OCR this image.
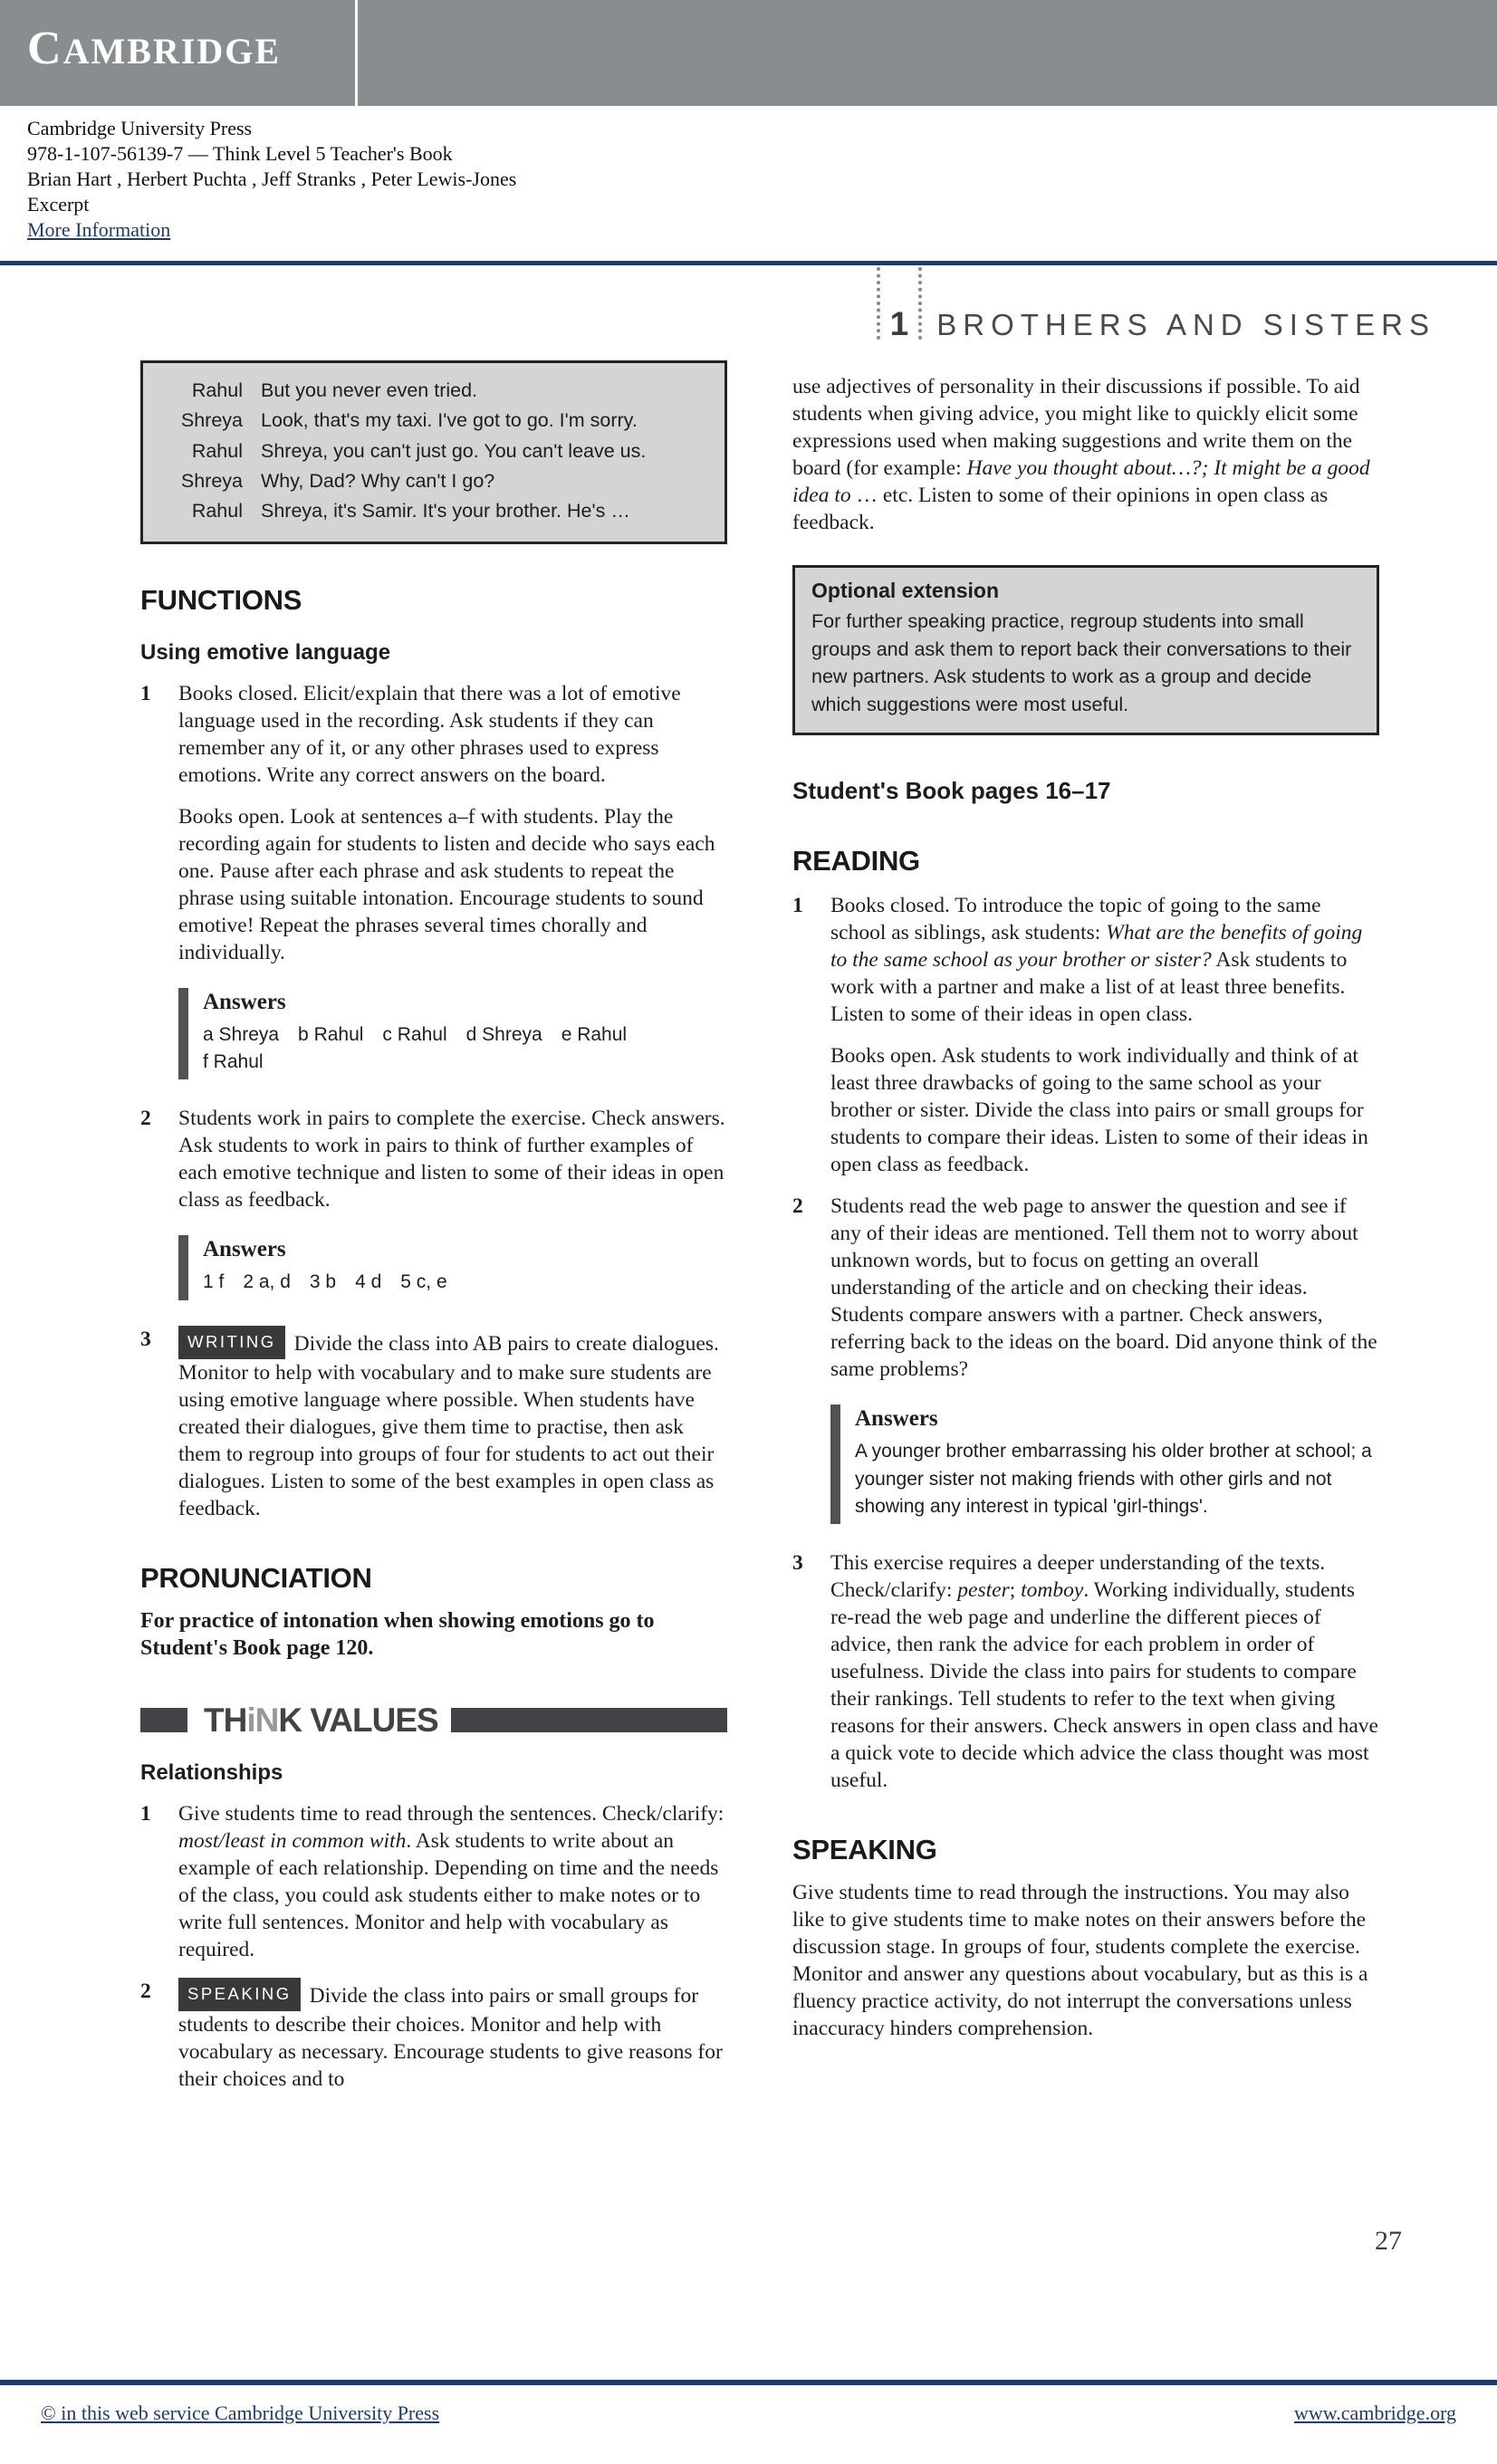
CAMBRIDGE
Cambridge University Press
978-1-107-56139-7 — Think Level 5 Teacher's Book
Brian Hart , Herbert Puchta , Jeff Stranks , Peter Lewis-Jones
Excerpt
More Information
1 BROTHERS AND SISTERS
Rahul But you never even tried.
Shreya Look, that's my taxi. I've got to go. I'm sorry.
Rahul Shreya, you can't just go. You can't leave us.
Shreya Why, Dad? Why can't I go?
Rahul Shreya, it's Samir. It's your brother. He's …
FUNCTIONS
Using emotive language
1	Books closed. Elicit/explain that there was a lot of emotive language used in the recording. Ask students if they can remember any of it, or any other phrases used to express emotions. Write any correct answers on the board.
Books open. Look at sentences a–f with students. Play the recording again for students to listen and decide who says each one. Pause after each phrase and ask students to repeat the phrase using suitable intonation. Encourage students to sound emotive! Repeat the phrases several times chorally and individually.
Answers
a Shreya b Rahul c Rahul d Shreya e Rahul
f Rahul
2	Students work in pairs to complete the exercise. Check answers. Ask students to work in pairs to think of further examples of each emotive technique and listen to some of their ideas in open class as feedback.
Answers
1 f 2 a, d 3 b 4 d 5 c, e
3	WRITING Divide the class into AB pairs to create dialogues. Monitor to help with vocabulary and to make sure students are using emotive language where possible. When students have created their dialogues, give them time to practise, then ask them to regroup into groups of four for students to act out their dialogues. Listen to some of the best examples in open class as feedback.
PRONUNCIATION
For practice of intonation when showing emotions go to Student's Book page 120.
THiNK VALUES
Relationships
1	Give students time to read through the sentences. Check/clarify: most/least in common with. Ask students to write about an example of each relationship. Depending on time and the needs of the class, you could ask students either to make notes or to write full sentences. Monitor and help with vocabulary as required.
2	SPEAKING Divide the class into pairs or small groups for students to describe their choices. Monitor and help with vocabulary as necessary. Encourage students to give reasons for their choices and to
use adjectives of personality in their discussions if possible. To aid students when giving advice, you might like to quickly elicit some expressions used when making suggestions and write them on the board (for example: Have you thought about…?; It might be a good idea to … etc. Listen to some of their opinions in open class as feedback.
Optional extension
For further speaking practice, regroup students into small groups and ask them to report back their conversations to their new partners. Ask students to work as a group and decide which suggestions were most useful.
Student's Book pages 16–17
READING
1	Books closed. To introduce the topic of going to the same school as siblings, ask students: What are the benefits of going to the same school as your brother or sister? Ask students to work with a partner and make a list of at least three benefits. Listen to some of their ideas in open class.
Books open. Ask students to work individually and think of at least three drawbacks of going to the same school as your brother or sister. Divide the class into pairs or small groups for students to compare their ideas. Listen to some of their ideas in open class as feedback.
2	Students read the web page to answer the question and see if any of their ideas are mentioned. Tell them not to worry about unknown words, but to focus on getting an overall understanding of the article and on checking their ideas. Students compare answers with a partner. Check answers, referring back to the ideas on the board. Did anyone think of the same problems?
Answers
A younger brother embarrassing his older brother at school; a younger sister not making friends with other girls and not showing any interest in typical 'girl-things'.
3	This exercise requires a deeper understanding of the texts. Check/clarify: pester; tomboy. Working individually, students re-read the web page and underline the different pieces of advice, then rank the advice for each problem in order of usefulness. Divide the class into pairs for students to compare their rankings. Tell students to refer to the text when giving reasons for their answers. Check answers in open class and have a quick vote to decide which advice the class thought was most useful.
SPEAKING
Give students time to read through the instructions. You may also like to give students time to make notes on their answers before the discussion stage. In groups of four, students complete the exercise. Monitor and answer any questions about vocabulary, but as this is a fluency practice activity, do not interrupt the conversations unless inaccuracy hinders comprehension.
27
© in this web service Cambridge University Press	www.cambridge.org
